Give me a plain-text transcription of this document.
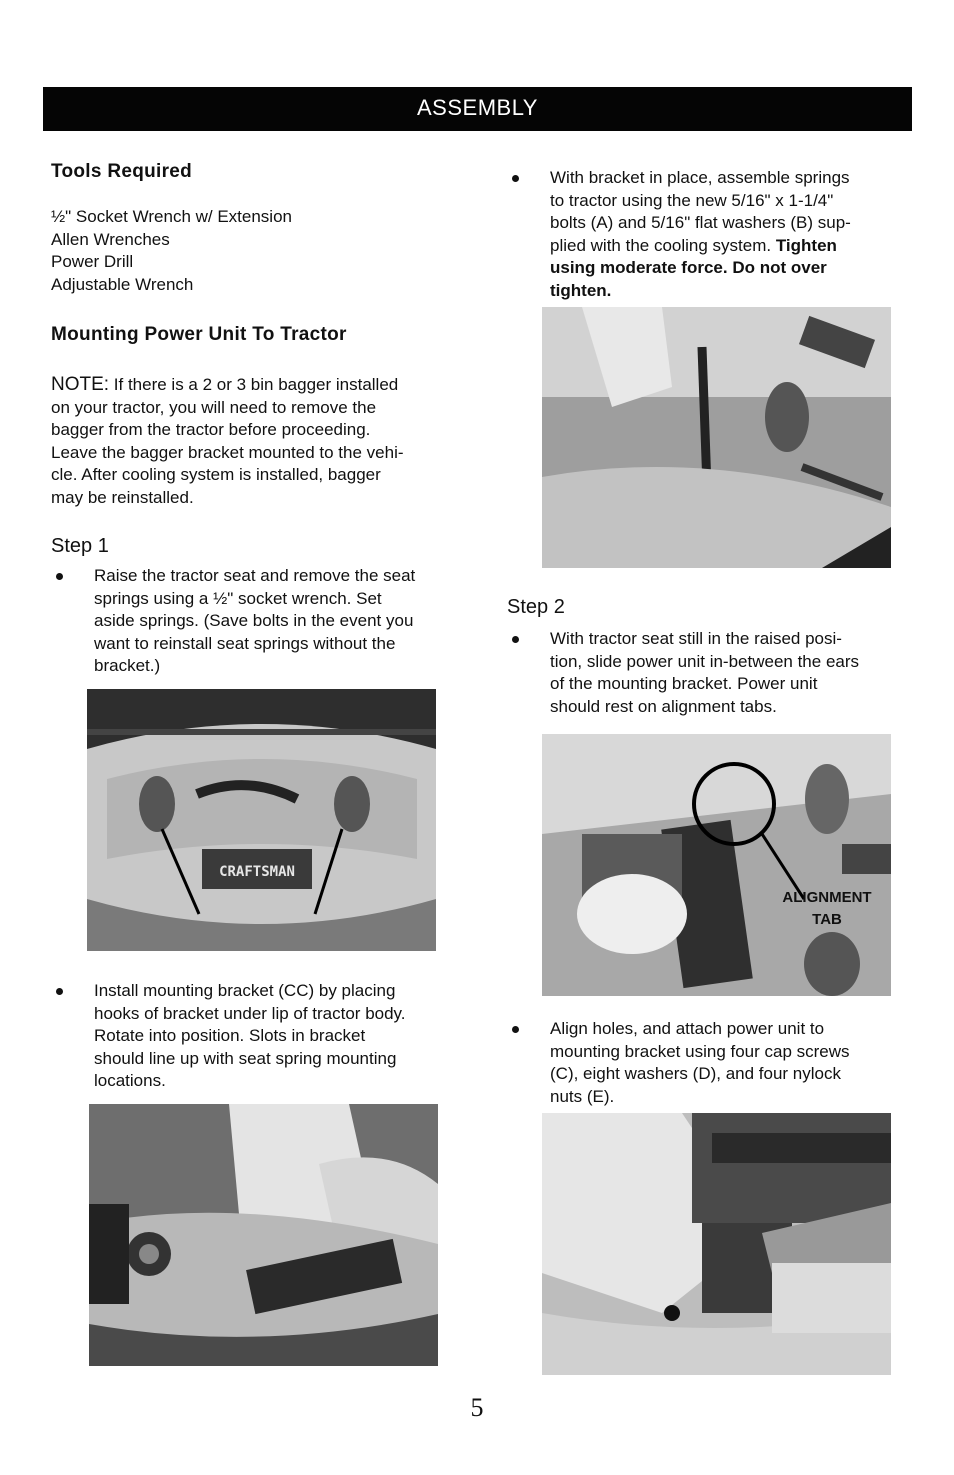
ASSEMBLY
Tools Required
½" Socket Wrench w/ Extension
Allen Wrenches
Power Drill
Adjustable Wrench
Mounting Power Unit To Tractor
NOTE: If there is a 2 or 3 bin bagger installed
on your tractor, you will need to remove the
bagger from the tractor before proceeding.
Leave the bagger bracket mounted to the vehi-
cle. After cooling system is installed, bagger
may be reinstalled.
Step 1
Raise the tractor seat and remove the seat
springs using a ½" socket wrench. Set
aside springs. (Save bolts in the event you
want to reinstall seat springs without the
bracket.)
CRAFTSMAN
Install mounting bracket (CC) by placing
hooks of bracket under lip of tractor body.
Rotate into position. Slots in bracket
should line up with seat spring mounting
locations.
With bracket in place, assemble springs
to tractor using the new 5/16" x 1-1/4"
bolts (A) and 5/16" flat washers (B) sup-
plied with the cooling system. Tighten
using moderate force. Do not over
tighten.
Step 2
With tractor seat still in the raised posi-
tion, slide power unit in-between the ears
of the mounting bracket. Power unit
should rest on alignment tabs.
ALIGNMENT
TAB
Align holes, and attach power unit to
mounting bracket using four cap screws
(C), eight washers (D), and four nylock
nuts (E).
5
